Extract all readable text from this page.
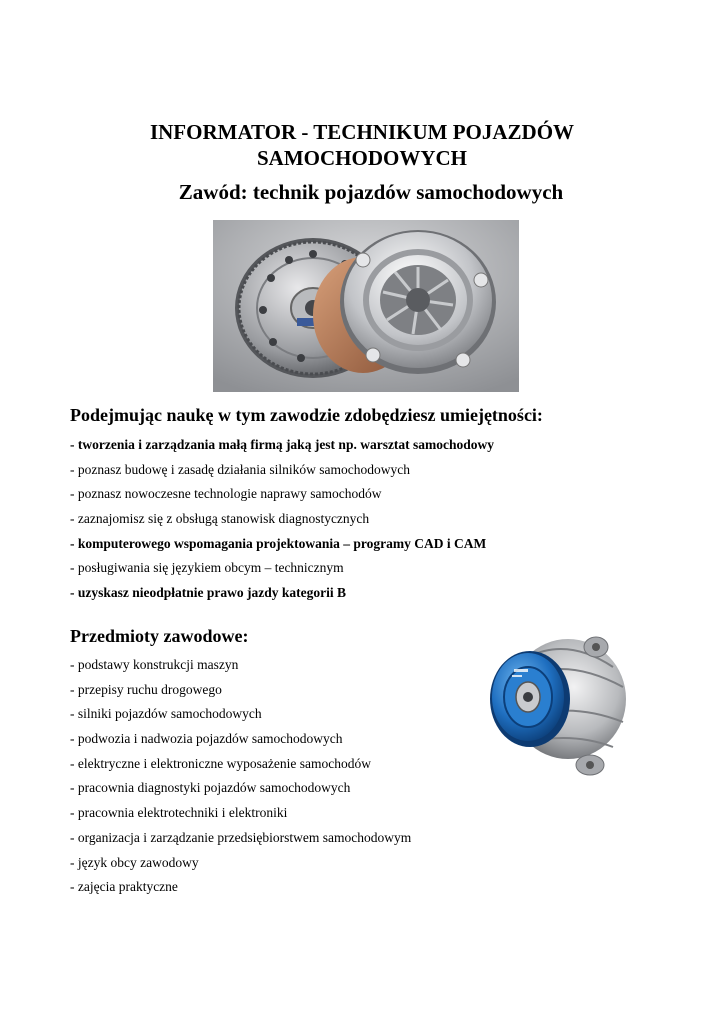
INFORMATOR - TECHNIKUM POJAZDÓW
SAMOCHODOWYCH
Zawód: technik pojazdów samochodowych
Podejmując naukę w tym zawodzie zdobędziesz umiejętności:
- tworzenia i zarządzania małą firmą jaką jest np. warsztat samochodowy
- poznasz budowę i zasadę działania silników samochodowych
- poznasz nowoczesne technologie naprawy samochodów
- zaznajomisz się z obsługą stanowisk diagnostycznych
- komputerowego wspomagania projektowania – programy CAD i CAM
- posługiwania się językiem obcym – technicznym
- uzyskasz nieodpłatnie prawo jazdy kategorii B
Przedmioty zawodowe:
- podstawy konstrukcji maszyn
- przepisy ruchu drogowego
- silniki pojazdów samochodowych
- podwozia i nadwozia pojazdów samochodowych
- elektryczne i elektroniczne wyposażenie samochodów
- pracownia diagnostyki pojazdów samochodowych
- pracownia elektrotechniki i elektroniki
- organizacja i zarządzanie przedsiębiorstwem samochodowym
- język obcy zawodowy
- zajęcia praktyczne
